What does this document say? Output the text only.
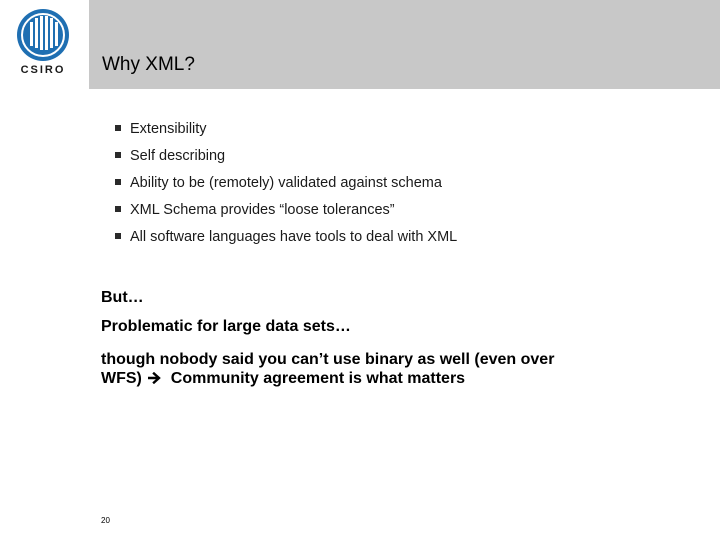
CSIRO	Why XML?
Extensibility
Self describing
Ability to be (remotely) validated against schema
XML Schema provides “loose tolerances”
All software languages have tools to deal with XML
But…
Problematic for large data sets…
though nobody said you can’t use binary as well (even over
WFS) Community agreement is what matters
20
